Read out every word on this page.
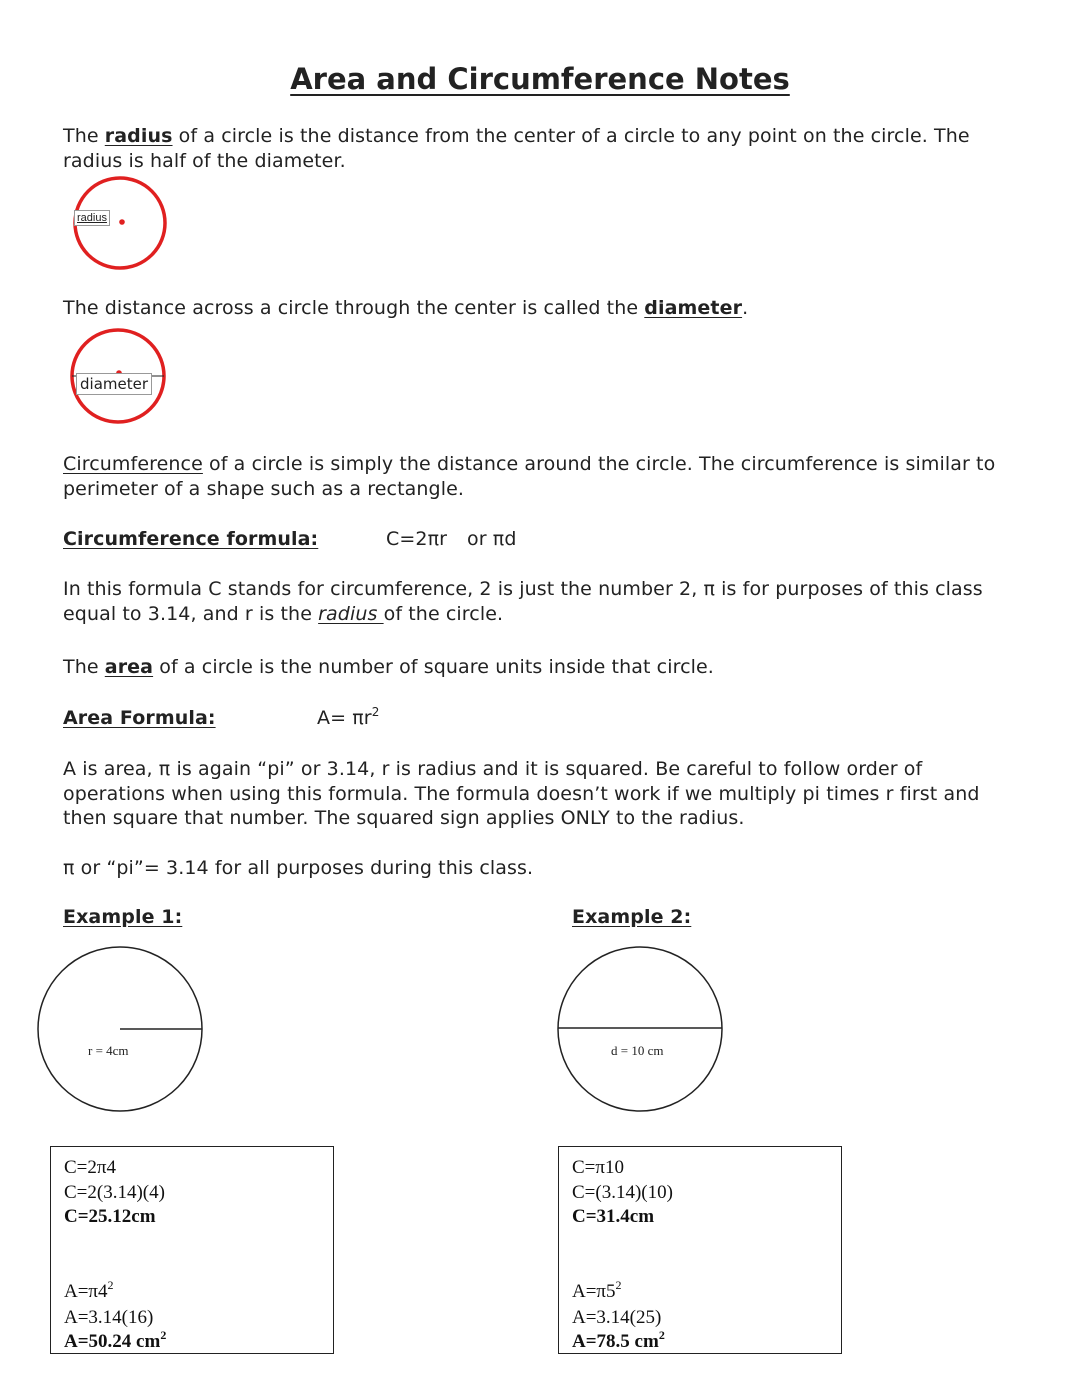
Area and Circumference Notes
The radius of a circle is the distance from the center of a circle to any point on the circle. The
radius is half of the diameter.
radius
The distance across a circle through the center is called the diameter.
diameter
Circumference of a circle is simply the distance around the circle. The circumference is similar to
perimeter of a shape such as a rectangle.
Circumference formula:	C=2πr or πd
In this formula C stands for circumference, 2 is just the number 2, π is for purposes of this class
equal to 3.14, and r is the radius of the circle.
The area of a circle is the number of square units inside that circle.
Area Formula:	$A= \pi r^2$
A is area, π is again “pi” or 3.14, r is radius and it is squared. Be careful to follow order of
operations when using this formula. The formula doesn’t work if we multiply pi times r first and
then square that number. The squared sign applies ONLY to the radius.
π or “pi”= 3.14 for all purposes during this class.
Example 1:
r = 4cm
C=2π4
C=2(3.14)(4)
C=25.12cm
$A=\pi 4^2$
A=3.14(16)
A=50.24 $cm^2$
Example 2:
d = 10 cm
C=π10
C=(3.14)(10)
C=31.4cm
$A=\pi 5^2$
A=3.14(25)
A=78.5 $cm^2$
